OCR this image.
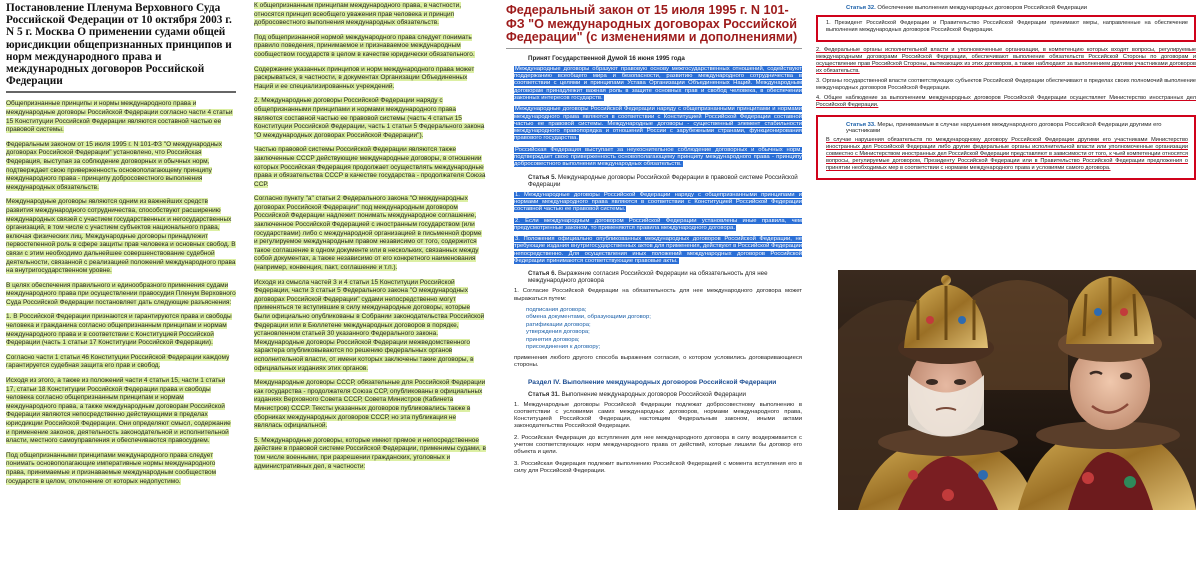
Постановление Пленума Верховного Суда Российской Федерации от 10 октября 2003 г. N 5 г. Москва О применении судами общей юрисдикции общепризнанных принципов и норм международного права и международных договоров Российской Федерации
Общепризнанные принципы и нормы международного права и международные договоры Российской Федерации согласно части 4 статьи 15 Конституции Российской Федерации являются составной частью ее правовой системы.
Федеральным законом от 15 июля 1995 г. N 101-ФЗ "О международных договорах Российской Федерации" установлено, что Российская Федерация, выступая за соблюдение договорных и обычных норм, подтверждает свою приверженность основополагающему принципу международного права - принципу добросовестного выполнения международных обязательств.
Международные договоры являются одним из важнейших средств развития международного сотрудничества, способствуют расширению международных связей с участием государственных и негосударственных организаций, в том числе с участием субъектов национального права, включая физических лиц. Международные договоры принадлежит первостепенной роль в сфере защиты прав человека и основных свобод. В связи с этим необходимо дальнейшее совершенствование судебной деятельности, связанной с реализацией положений международного права на внутригосударственном уровне.
В целях обеспечения правильного и единообразного применения судами международного права при осуществлении правосудия Пленум Верховного Суда Российской Федерации постановляет дать следующие разъяснения:
1. В Российской Федерации признаются и гарантируются права и свободы человека и гражданина согласно общепризнанным принципам и нормам международного права и в соответствии с Конституцией Российской Федерации (часть 1 статьи 17 Конституции Российской Федерации).
Согласно части 1 статьи 46 Конституции Российской Федерации каждому гарантируется судебная защита его прав и свобод.
Исходя из этого, а также из положений части 4 статьи 15, части 1 статьи 17, статьи 18 Конституции Российской Федерации права и свободы человека согласно общепризнанным принципам и нормам международного права, а также международным договорам Российской Федерации являются непосредственно действующими в пределах юрисдикции Российской Федерации. Они определяют смысл, содержание и применение законов, деятельность законодательной и исполнительной власти, местного самоуправления и обеспечиваются правосудием.
Под общепризнанными принципами международного права следует понимать основополагающие императивные нормы международного права, принимаемые и признаваемые международным сообществом государств в целом, отклонение от которых недопустимо.
К общепризнанным принципам международного права, в частности, относятся принцип всеобщего уважения прав человека и принцип добросовестного выполнения международных обязательств.
Под общепризнанной нормой международного права следует понимать правило поведения, принимаемое и признаваемое международным сообществом государств в целом в качестве юридически обязательного.
Содержание указанных принципов и норм международного права может раскрываться, в частности, в документах Организации Объединенных Наций и ее специализированных учреждений.
2. Международные договоры Российской Федерации наряду с общепризнанными принципами и нормами международного права являются составной частью ее правовой системы (часть 4 статьи 15 Конституции Российской Федерации, часть 1 статьи 5 Федерального закона "О международных договорах Российской Федерации").
Частью правовой системы Российской Федерации являются также заключенные СССР действующие международные договоры, в отношении которых Российская Федерация продолжает осуществлять международные права и обязательства СССР в качестве государства - продолжателя Союза ССР.
Согласно пункту "а" статьи 2 Федерального закона "О международных договорах Российской Федерации" под международным договором Российской Федерации надлежит понимать международное соглашение, заключенное Российской Федерацией с иностранным государством (или государствами) либо с международной организацией в письменной форме и регулируемое международным правом независимо от того, содержится такое соглашение в одном документе или в нескольких, связанных между собой документах, а также независимо от его конкретного наименования (например, конвенция, пакт, соглашение и т.п.).
Исходя из смысла частей 3 и 4 статьи 15 Конституции Российской Федерации, части 3 статьи 5 Федерального закона "О международных договорах Российской Федерации" судами непосредственно могут применяться те вступившие в силу международные договоры, которые были официально опубликованы в Собрании законодательства Российской Федерации или в Бюллетене международных договоров в порядке, установленном статьей 30 указанного Федерального закона. Международные договоры Российской Федерации межведомственного характера опубликовываются по решению федеральных органов исполнительной власти, от имени которых заключены такие договоры, в официальных изданиях этих органов.
Международные договоры СССР, обязательные для Российской Федерации как государства - продолжателя Союза ССР, опубликованы в официальных изданиях Верховного Совета СССР, Совета Министров (Кабинета Министров) СССР. Тексты указанных договоров публиковались также в сборниках международных договоров СССР, но эта публикация не являлась официальной.
5. Международные договоры, которые имеют прямое и непосредственное действие в правовой системе Российской Федерации, применимы судами, в том числе военными, при разрешении гражданских, уголовных и административных дел, в частности:
Федеральный закон от 15 июля 1995 г. N 101-ФЗ "О международных договорах Российской Федерации" (с изменениями и дополнениями)
Принят Государственной Думой 16 июня 1995 года
Международные договоры образуют правовую основу межгосударственных отношений, содействуют поддержанию всеобщего мира и безопасности, развитию международного сотрудничества в соответствии с целями и принципами Устава Организации Объединенных Наций. Международным договорам принадлежит важная роль в защите основных прав и свобод человека, в обеспечении законных интересов государств.
Международные договоры Российской Федерации наряду с общепризнанными принципами и нормами международного права являются в соответствии с Конституцией Российской Федерации составной частью ее правовой системы. Международные договоры - существенный элемент стабильности международного правопорядка и отношений России с зарубежными странами, функционирования правового государства.
Российская Федерация выступает за неукоснительное соблюдение договорных и обычных норм, подтверждает свою приверженность основополагающему принципу международного права - принципу добросовестного выполнения международных обязательств.
Статья 5. Международные договоры Российской Федерации в правовой системе Российской Федерации
1. Международные договоры Российской Федерации наряду с общепризнанными принципами и нормами международного права являются в соответствии с Конституцией Российской Федерации составной частью ее правовой системы.
2. Если международным договором Российской Федерации установлены иные правила, чем предусмотренные законом, то применяются правила международного договора.
3. Положения официально опубликованных международных договоров Российской Федерации, не требующие издания внутригосударственных актов для применения, действуют в Российской Федерации непосредственно. Для осуществления иных положений международных договоров Российской Федерации принимаются соответствующие правовые акты.
Статья 6. Выражение согласия Российской Федерации на обязательность для нее международного договора
1. Согласие Российской Федерации на обязательность для нее международного договора может выражаться путем:
подписания договора;
обмена документами, образующими договор;
ратификации договора;
утверждения договора;
принятия договора;
присоединения к договору;
применения любого другого способа выражения согласия, о котором условились договаривающиеся стороны.
Раздел IV. Выполнение международных договоров Российской Федерации
Статья 31. Выполнение международных договоров Российской Федерации
1. Международные договоры Российской Федерации подлежат добросовестному выполнению в соответствии с условиями самих международных договоров, нормами международного права, Конституцией Российской Федерации, настоящим Федеральным законом, иными актами законодательства Российской Федерации.
2. Российская Федерация до вступления для нее международного договора в силу воздерживается с учетом соответствующих норм международного права от действий, которые лишили бы договор его объекта и цели.
3. Российская Федерация подлежит выполнению Российской Федерацией с момента вступления его в силу для Российской Федерации.
Статья 32. Обеспечение выполнения международных договоров Российской Федерации
1. Президент Российской Федерации и Правительство Российской Федерации принимают меры, направленные на обеспечение выполнения международных договоров Российской Федерации.
2. Федеральные органы исполнительной власти и уполномоченные организации, в компетенцию которых входят вопросы, регулируемые международными договорами Российской Федерации, обеспечивают выполнение обязательств Российской Стороны по договорам и осуществление прав Российской Стороны, вытекающих из этих договоров, а также наблюдают за выполнением другими участниками договоров их обязательств.
3. Органы государственной власти соответствующих субъектов Российской Федерации обеспечивают в пределах своих полномочий выполнение международных договоров Российской Федерации.
4. Общее наблюдение за выполнением международных договоров Российской Федерации осуществляет Министерство иностранных дел Российской Федерации.
Статья 33. Меры, принимаемые в случае нарушения международного договора Российской Федерации другими его участниками
В случае нарушения обязательств по международному договору Российской Федерации другими его участниками Министерство иностранных дел Российской Федерации либо другие федеральные органы исполнительной власти или уполномоченные организации совместно с Министерством иностранных дел Российской Федерации представляют в зависимости от того, к чьей компетенции относятся вопросы, регулируемые договором, Президенту Российской Федерации или в Правительство Российской Федерации предложения о принятии необходимых мер в соответствии с нормами международного права и условиями самого договора.
